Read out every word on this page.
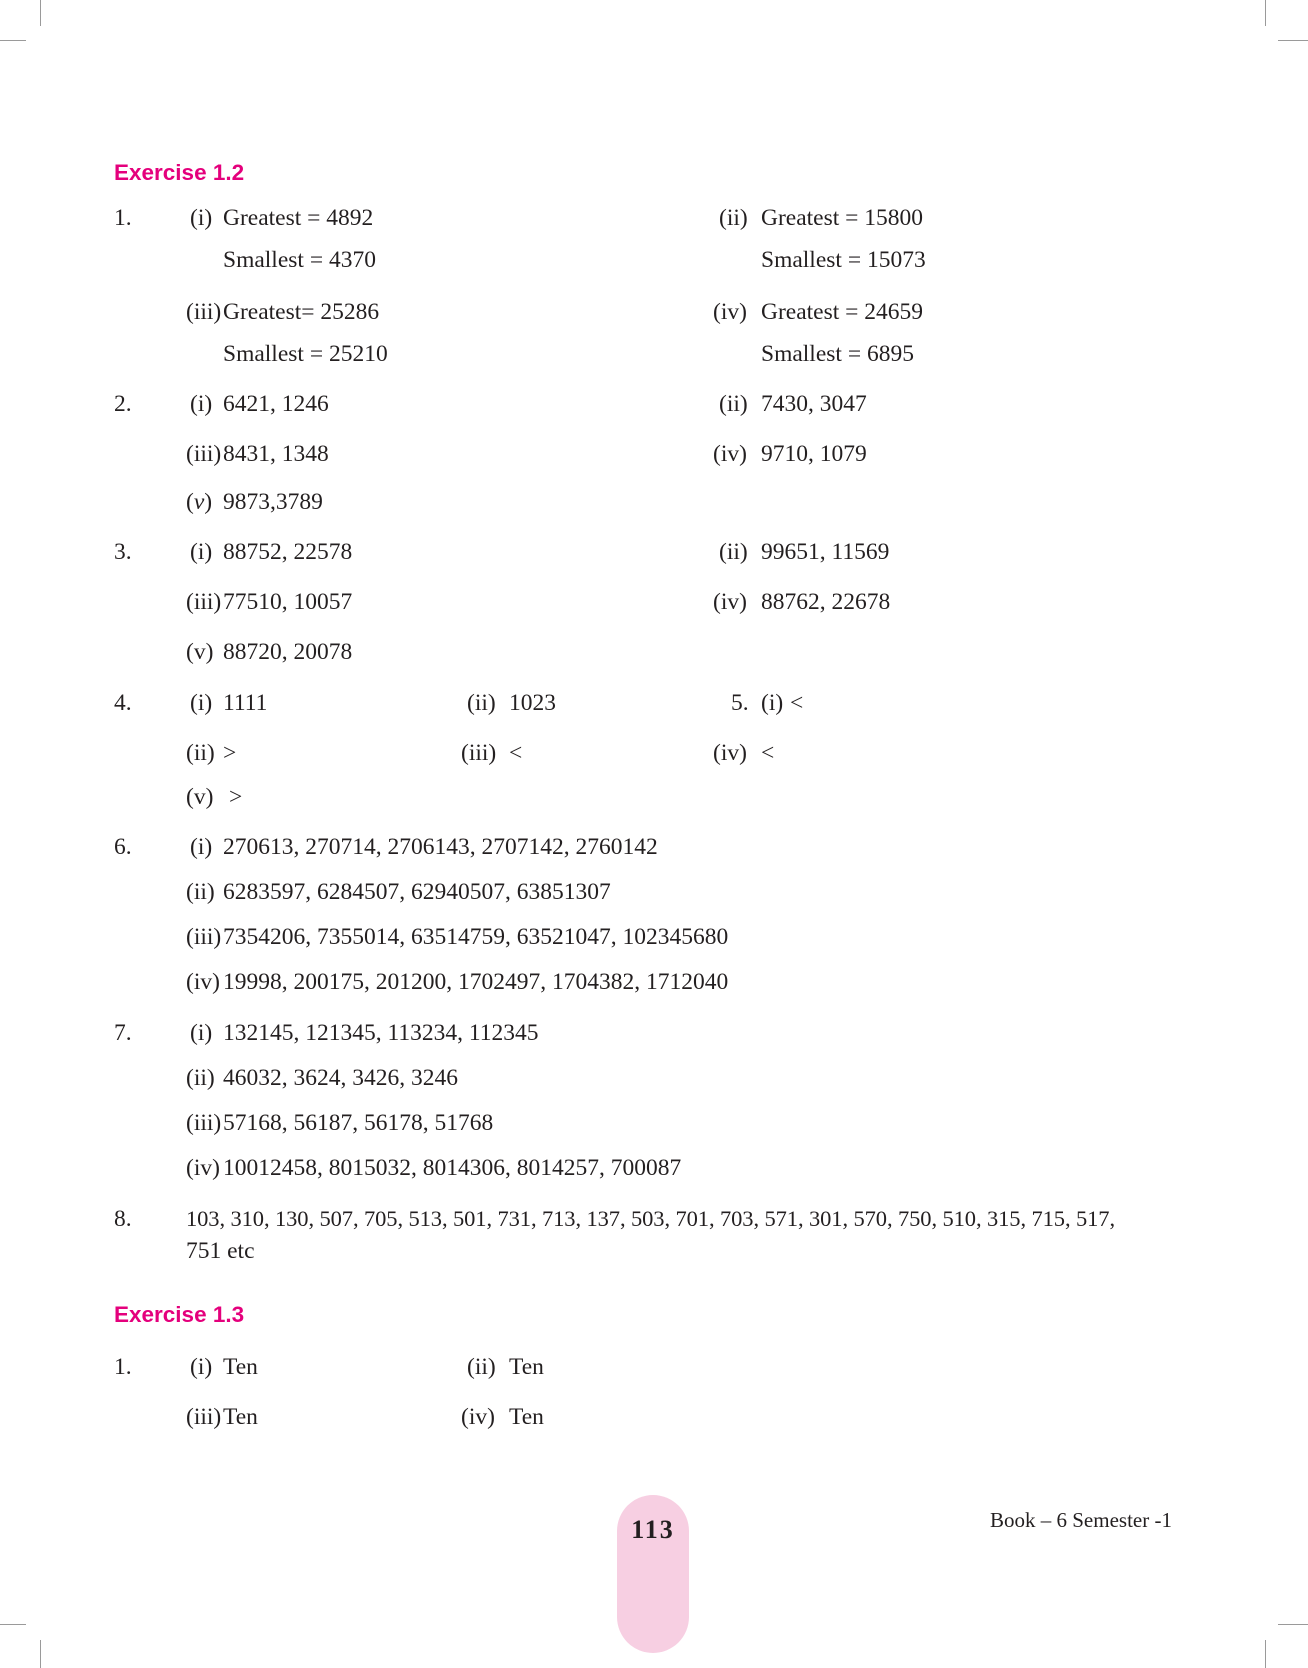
Exercise 1.2
1. (i) Greatest = 4892
Smallest = 4370
(ii) Greatest = 15800
Smallest = 15073
(iii) Greatest= 25286
Smallest = 25210
(iv) Greatest = 24659
Smallest = 6895
2. (i) 6421, 1246	(ii) 7430, 3047
(iii) 8431, 1348	(iv) 9710, 1079
(v) 9873,3789
3. (i) 88752, 22578	(ii) 99651, 11569
(iii) 77510, 10057	(iv) 88762, 22678
(v) 88720, 20078
4. (i) 1111	(ii) 1023	5. (i) <
(ii) >	(iii) <	(iv) <
(v) >
6. (i) 270613, 270714, 2706143, 2707142, 2760142
(ii) 6283597, 6284507, 62940507, 63851307
(iii) 7354206, 7355014, 63514759, 63521047, 102345680
(iv) 19998, 200175, 201200, 1702497, 1704382, 1712040
7. (i) 132145, 121345, 113234, 112345
(ii) 46032, 3624, 3426, 3246
(iii) 57168, 56187, 56178, 51768
(iv) 10012458, 8015032, 8014306, 8014257, 700087
8. 103, 310, 130, 507, 705, 513, 501, 731, 713, 137, 503, 701, 703, 571, 301, 570, 750, 510, 315, 715, 517,
751 etc
Exercise 1.3
1. (i) Ten	(ii) Ten
(iii) Ten	(iv) Ten
113	Book – 6 Semester -1
